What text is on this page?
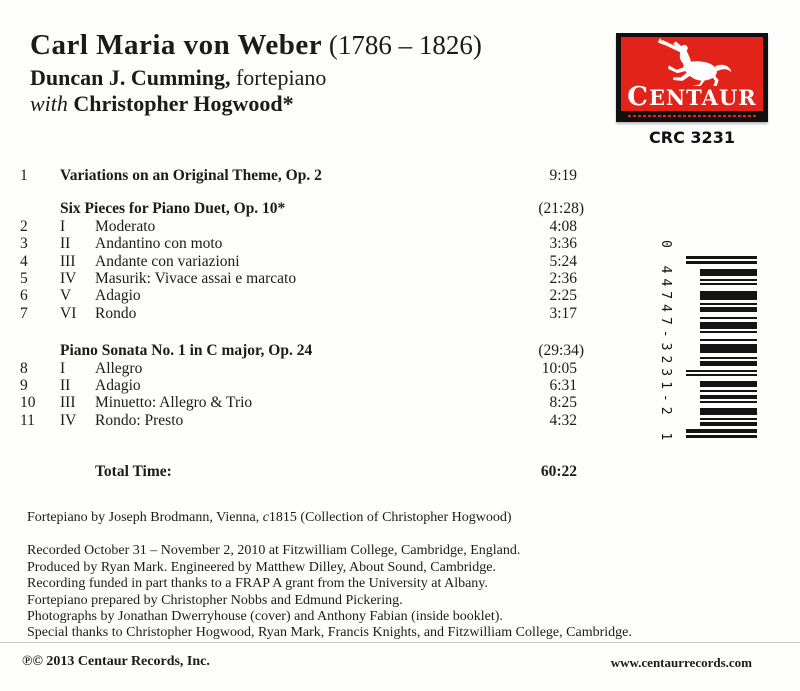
Carl Maria von Weber (1786 – 1826)
Duncan J. Cumming, fortepiano
with Christopher Hogwood*	CENTAUR
CRC 3231
1	Variations on an Original Theme, Op. 2	9:19
Six Pieces for Piano Duet, Op. 10*	(21:28)
2	I	Moderato	4:08
3	II	Andantino con moto	3:36
4	III	Andante con variazioni	5:24
5	IV	Masurik: Vivace assai e marcato	2:36
6	V	Adagio	2:25
7	VI	Rondo	3:17
Piano Sonata No. 1 in C major, Op. 24	(29:34)
8	I	Allegro	10:05
9	II	Adagio	6:31
10	III	Minuetto: Allegro & Trio	8:25
11	IV	Rondo: Presto	4:32
Total Time:	60:22
0 44747-3231-2 1
Fortepiano by Joseph Brodmann, Vienna, c1815 (Collection of Christopher Hogwood)
Recorded October 31 – November 2, 2010 at Fitzwilliam College, Cambridge, England.
Produced by Ryan Mark. Engineered by Matthew Dilley, About Sound, Cambridge.
Recording funded in part thanks to a FRAP A grant from the University at Albany.
Fortepiano prepared by Christopher Nobbs and Edmund Pickering.
Photographs by Jonathan Dwerryhouse (cover) and Anthony Fabian (inside booklet).
Special thanks to Christopher Hogwood, Ryan Mark, Francis Knights, and Fitzwilliam College, Cambridge.
℗© 2013 Centaur Records, Inc.	www.centaurrecords.com
